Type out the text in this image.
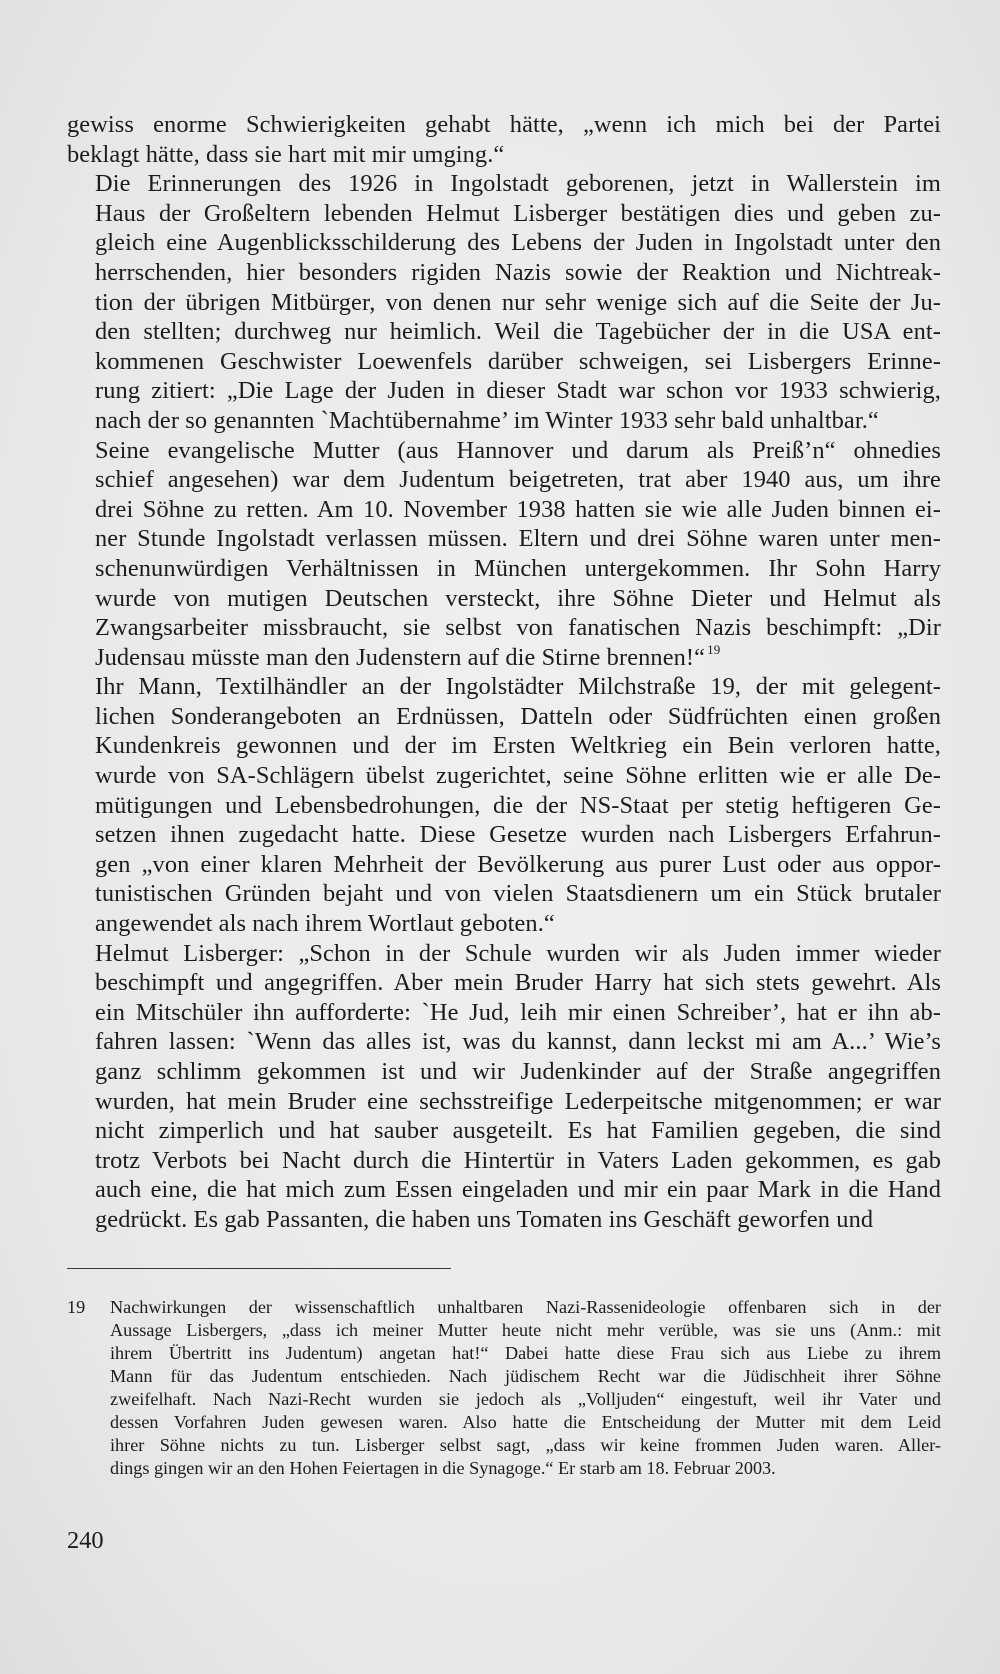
gewiss enorme Schwierigkeiten gehabt hätte, „wenn ich mich bei der Partei
beklagt hätte, dass sie hart mit mir umging.“

Die Erinnerungen des 1926 in Ingolstadt geborenen, jetzt in Wallerstein im
Haus der Großeltern lebenden Helmut Lisberger bestätigen dies und geben zu-
gleich eine Augenblicksschilderung des Lebens der Juden in Ingolstadt unter den
herrschenden, hier besonders rigiden Nazis sowie der Reaktion und Nichtreak-
tion der übrigen Mitbürger, von denen nur sehr wenige sich auf die Seite der Ju-
den stellten; durchweg nur heimlich. Weil die Tagebücher der in die USA ent-
kommenen Geschwister Loewenfels darüber schweigen, sei Lisbergers Erinne-
rung zitiert: „Die Lage der Juden in dieser Stadt war schon vor 1933 schwierig,
nach der so genannten `Machtübernahme’ im Winter 1933 sehr bald unhaltbar.“

Seine evangelische Mutter (aus Hannover und darum als Preiß’n“ ohnedies
schief angesehen) war dem Judentum beigetreten, trat aber 1940 aus, um ihre
drei Söhne zu retten. Am 10. November 1938 hatten sie wie alle Juden binnen ei-
ner Stunde Ingolstadt verlassen müssen. Eltern und drei Söhne waren unter men-
schenunwürdigen Verhältnissen in München untergekommen. Ihr Sohn Harry
wurde von mutigen Deutschen versteckt, ihre Söhne Dieter und Helmut als
Zwangsarbeiter missbraucht, sie selbst von fanatischen Nazis beschimpft: „Dir
Judensau müsste man den Judenstern auf die Stirne brennen!“ $^{19}$

Ihr Mann, Textilhändler an der Ingolstädter Milchstraße 19, der mit gelegent-
lichen Sonderangeboten an Erdnüssen, Datteln oder Südfrüchten einen großen
Kundenkreis gewonnen und der im Ersten Weltkrieg ein Bein verloren hatte,
wurde von SA-Schlägern übelst zugerichtet, seine Söhne erlitten wie er alle De-
mütigungen und Lebensbedrohungen, die der NS-Staat per stetig heftigeren Ge-
setzen ihnen zugedacht hatte. Diese Gesetze wurden nach Lisbergers Erfahrun-
gen „von einer klaren Mehrheit der Bevölkerung aus purer Lust oder aus oppor-
tunistischen Gründen bejaht und von vielen Staatsdienern um ein Stück brutaler
angewendet als nach ihrem Wortlaut geboten.“

Helmut Lisberger: „Schon in der Schule wurden wir als Juden immer wieder
beschimpft und angegriffen. Aber mein Bruder Harry hat sich stets gewehrt. Als
ein Mitschüler ihn aufforderte: `He Jud, leih mir einen Schreiber’, hat er ihn ab-
fahren lassen: `Wenn das alles ist, was du kannst, dann leckst mi am A...’ Wie’s
ganz schlimm gekommen ist und wir Judenkinder auf der Straße angegriffen
wurden, hat mein Bruder eine sechsstreifige Lederpeitsche mitgenommen; er war
nicht zimperlich und hat sauber ausgeteilt. Es hat Familien gegeben, die sind
trotz Verbots bei Nacht durch die Hintertür in Vaters Laden gekommen, es gab
auch eine, die hat mich zum Essen eingeladen und mir ein paar Mark in die Hand
gedrückt. Es gab Passanten, die haben uns Tomaten ins Geschäft geworfen und

19 Nachwirkungen der wissenschaftlich unhaltbaren Nazi-Rassenideologie offenbaren sich in der
Aussage Lisbergers, „dass ich meiner Mutter heute nicht mehr verüble, was sie uns (Anm.: mit
ihrem Übertritt ins Judentum) angetan hat!“ Dabei hatte diese Frau sich aus Liebe zu ihrem
Mann für das Judentum entschieden. Nach jüdischem Recht war die Jüdischheit ihrer Söhne
zweifelhaft. Nach Nazi-Recht wurden sie jedoch als „Volljuden“ eingestuft, weil ihr Vater und
dessen Vorfahren Juden gewesen waren. Also hatte die Entscheidung der Mutter mit dem Leid
ihrer Söhne nichts zu tun. Lisberger selbst sagt, „dass wir keine frommen Juden waren. Aller-
dings gingen wir an den Hohen Feiertagen in die Synagoge.“ Er starb am 18. Februar 2003.
240
